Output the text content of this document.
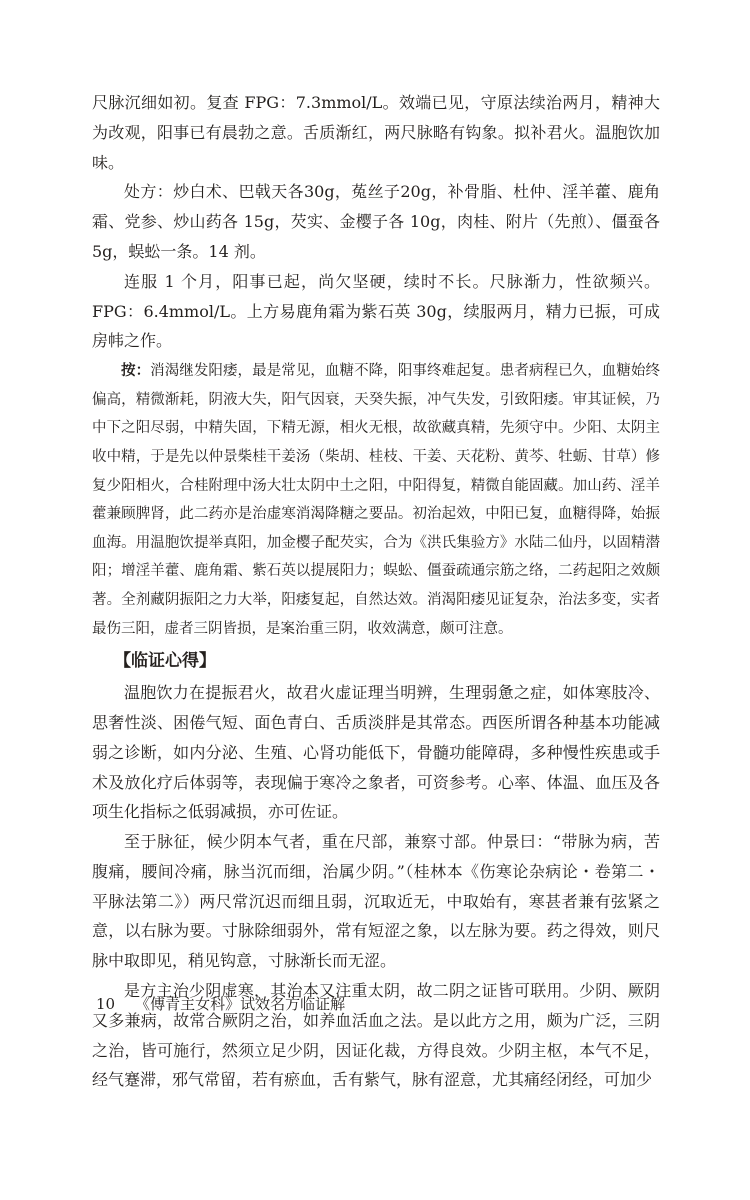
尺脉沉细如初。复查 FPG：7.3mmol/L。效端已见，守原法续治两月，精神大为改观，阳事已有晨勃之意。舌质渐红，两尺脉略有钩象。拟补君火。温胞饮加味。

处方：炒白术、巴戟天各30g，菟丝子20g，补骨脂、杜仲、淫羊藿、鹿角霜、党参、炒山药各 15g，芡实、金樱子各 10g，肉桂、附片（先煎）、僵蚕各 5g，蜈蚣一条。14 剂。

连服 1 个月，阳事已起，尚欠坚硬，续时不长。尺脉渐力，性欲频兴。FPG：6.4mmol/L。上方易鹿角霜为紫石英 30g，续服两月，精力已振，可成房帏之作。

按：消渴继发阳痿，最是常见，血糖不降，阳事终难起复。患者病程已久，血糖始终偏高，精微渐耗，阴液大失，阳气因衰，天癸失振，冲气失发，引致阳痿。审其证候，乃中下之阳尽弱，中精失固，下精无源，相火无根，故欲藏真精，先须守中。少阳、太阴主收中精，于是先以仲景柴桂干姜汤（柴胡、桂枝、干姜、天花粉、黄芩、牡蛎、甘草）修复少阳相火，合桂附理中汤大壮太阴中土之阳，中阳得复，精微自能固藏。加山药、淫羊藿兼顾脾肾，此二药亦是治虚寒消渴降糖之要品。初治起效，中阳已复，血糖得降，始振血海。用温胞饮提举真阳，加金樱子配芡实，合为《洪氏集验方》水陆二仙丹，以固精潜阳；增淫羊藿、鹿角霜、紫石英以提展阳力；蜈蚣、僵蚕疏通宗筋之络，二药起阳之效颇著。全剂藏阴振阳之力大举，阳痿复起，自然达效。消渴阳痿见证复杂，治法多变，实者最伤三阳，虚者三阴皆损，是案治重三阴，收效满意，颇可注意。

【临证心得】

温胞饮力在提振君火，故君火虚证理当明辨，生理弱惫之症，如体寒肢冷、思奢性淡、困倦气短、面色青白、舌质淡胖是其常态。西医所谓各种基本功能减弱之诊断，如内分泌、生殖、心肾功能低下，骨髓功能障碍，多种慢性疾患或手术及放化疗后体弱等，表现偏于寒冷之象者，可资参考。心率、体温、血压及各项生化指标之低弱减损，亦可佐证。

至于脉征，候少阴本气者，重在尺部，兼察寸部。仲景曰：“带脉为病，苦腹痛，腰间冷痛，脉当沉而细，治属少阴。”（桂林本《伤寒论杂病论・卷第二・平脉法第二》）两尺常沉迟而细且弱，沉取近无，中取始有，寒甚者兼有弦紧之意，以右脉为要。寸脉除细弱外，常有短涩之象，以左脉为要。药之得效，则尺脉中取即见，稍见钩意，寸脉渐长而无涩。

是方主治少阴虚寒，其治本又注重太阴，故二阴之证皆可联用。少阴、厥阴又多兼病，故常合厥阴之治，如养血活血之法。是以此方之用，颇为广泛，三阴之治，皆可施行，然须立足少阴，因证化裁，方得良效。少阴主枢，本气不足，经气蹇滞，邪气常留，若有瘀血，舌有紫气，脉有涩意，尤其痛经闭经，可加少

10 《傅青主女科》试效名方临证解
